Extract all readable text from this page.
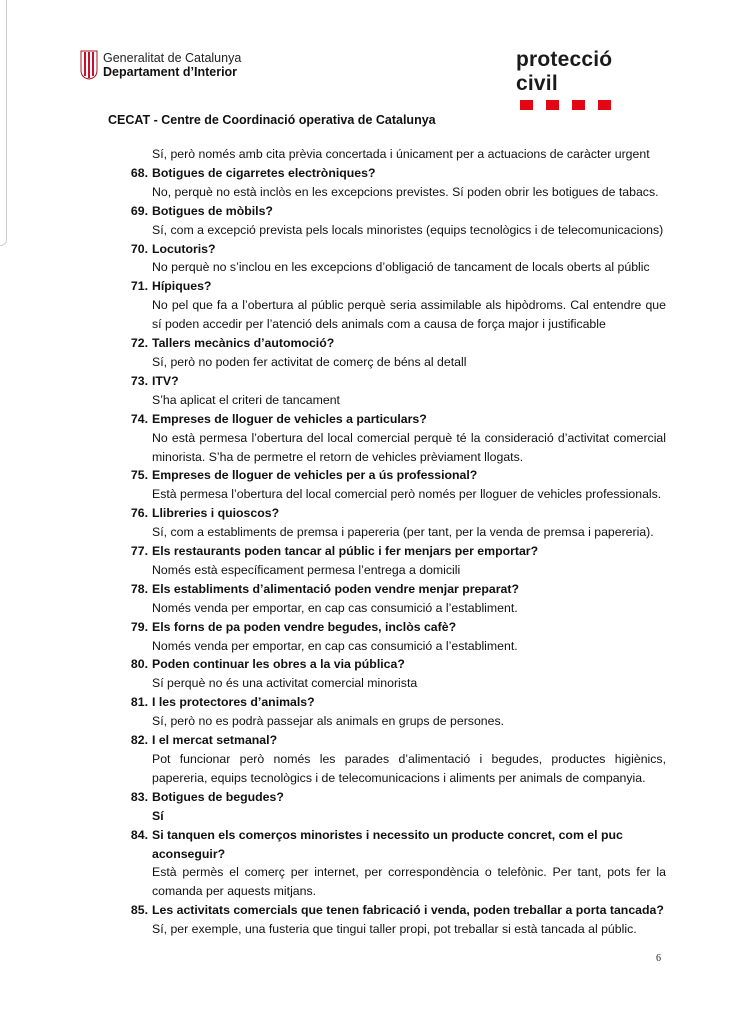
Generalitat de Catalunya
Departament d’Interior
protecció civil
CECAT - Centre de Coordinació operativa de Catalunya
Sí, però només amb cita prèvia concertada i únicament per a actuacions de caràcter urgent
68. Botigues de cigarretes electròniques?
No, perquè no està inclòs en les excepcions previstes. Sí poden obrir les botigues de tabacs.
69. Botigues de mòbils?
Sí, com a excepció prevista pels locals minoristes (equips tecnològics i de telecomunicacions)
70. Locutoris?
No perquè no s’inclou en les excepcions d’obligació de tancament de locals oberts al públic
71. Hípiques?
No pel que fa a l’obertura al públic perquè seria assimilable als hipòdroms. Cal entendre que sí poden accedir per l’atenció dels animals com a causa de força major i justificable
72. Tallers mecànics d’automoció?
Sí, però no poden fer activitat de comerç de béns al detall
73. ITV?
S’ha aplicat el criteri de tancament
74. Empreses de lloguer de vehicles a particulars?
No està permesa l’obertura del local comercial perquè té la consideració d’activitat comercial minorista. S’ha de permetre el retorn de vehicles prèviament llogats.
75. Empreses de lloguer de vehicles per a ús professional?
Està permesa l’obertura del local comercial però només per lloguer de vehicles professionals.
76. Llibreries i quioscos?
Sí, com a establiments de premsa i papereria (per tant, per la venda de premsa i papereria).
77. Els restaurants poden tancar al públic i fer menjars per emportar?
Només està específicament permesa l’entrega a domicili
78. Els establiments d’alimentació poden vendre menjar preparat?
Només venda per emportar, en cap cas consumició a l’establiment.
79. Els forns de pa poden vendre begudes, inclòs cafè?
Només venda per emportar, en cap cas consumició a l’establiment.
80. Poden continuar les obres a la via pública?
Sí perquè no és una activitat comercial minorista
81. I les protectores d’animals?
Sí, però no es podrà passejar als animals en grups de persones.
82. I el mercat setmanal?
Pot funcionar però només les parades d’alimentació i begudes, productes higiènics, papereria, equips tecnològics i de telecomunicacions i aliments per animals de companyia.
83. Botigues de begudes?
Sí
84. Si tanquen els comerços minoristes i necessito un producte concret, com el puc aconseguir?
Està permès el comerç per internet, per correspondència o telefònic. Per tant, pots fer la comanda per aquests mitjans.
85. Les activitats comercials que tenen fabricació i venda, poden treballar a porta tancada?
Sí, per exemple, una fusteria que tingui taller propi, pot treballar si està tancada al públic.
6
